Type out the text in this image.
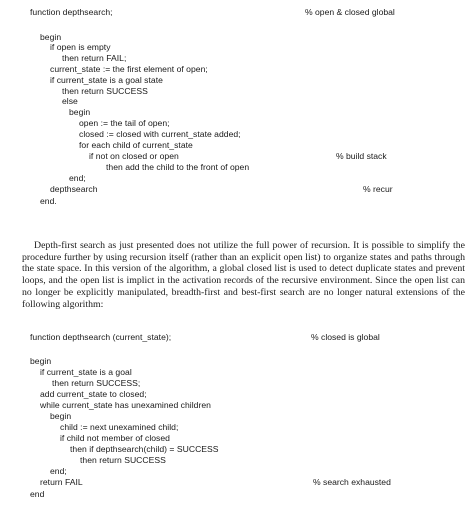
function depthsearch;	% open & closed global
begin
if open is empty
then return FAIL;
current_state := the first element of open;
if current_state is a goal state
then return SUCCESS
else
begin
open := the tail of open;
closed := closed with current_state added;
for each child of current_state
if not on closed or open	% build stack
then add the child to the front of open
end;
depthsearch	% recur
end.

Depth-first search as just presented does not utilize the full power of recursion. It is possible to simplify the procedure further by using recursion itself (rather than an explicit open list) to organize states and paths through the state space. In this version of the algorithm, a global closed list is used to detect duplicate states and prevent loops, and the open list is implict in the activation records of the recursive environment. Since the open list can no longer be explicitly manipulated, breadth-first and best-first search are no longer natural extensions of the following algorithm:

function depthsearch (current_state);	% closed is global
begin
if current_state is a goal
then return SUCCESS;
add current_state to closed;
while current_state has unexamined children
begin
child := next unexamined child;
if child not member of closed
then if depthsearch(child) = SUCCESS
then return SUCCESS
end;
return FAIL	% search exhausted
end
